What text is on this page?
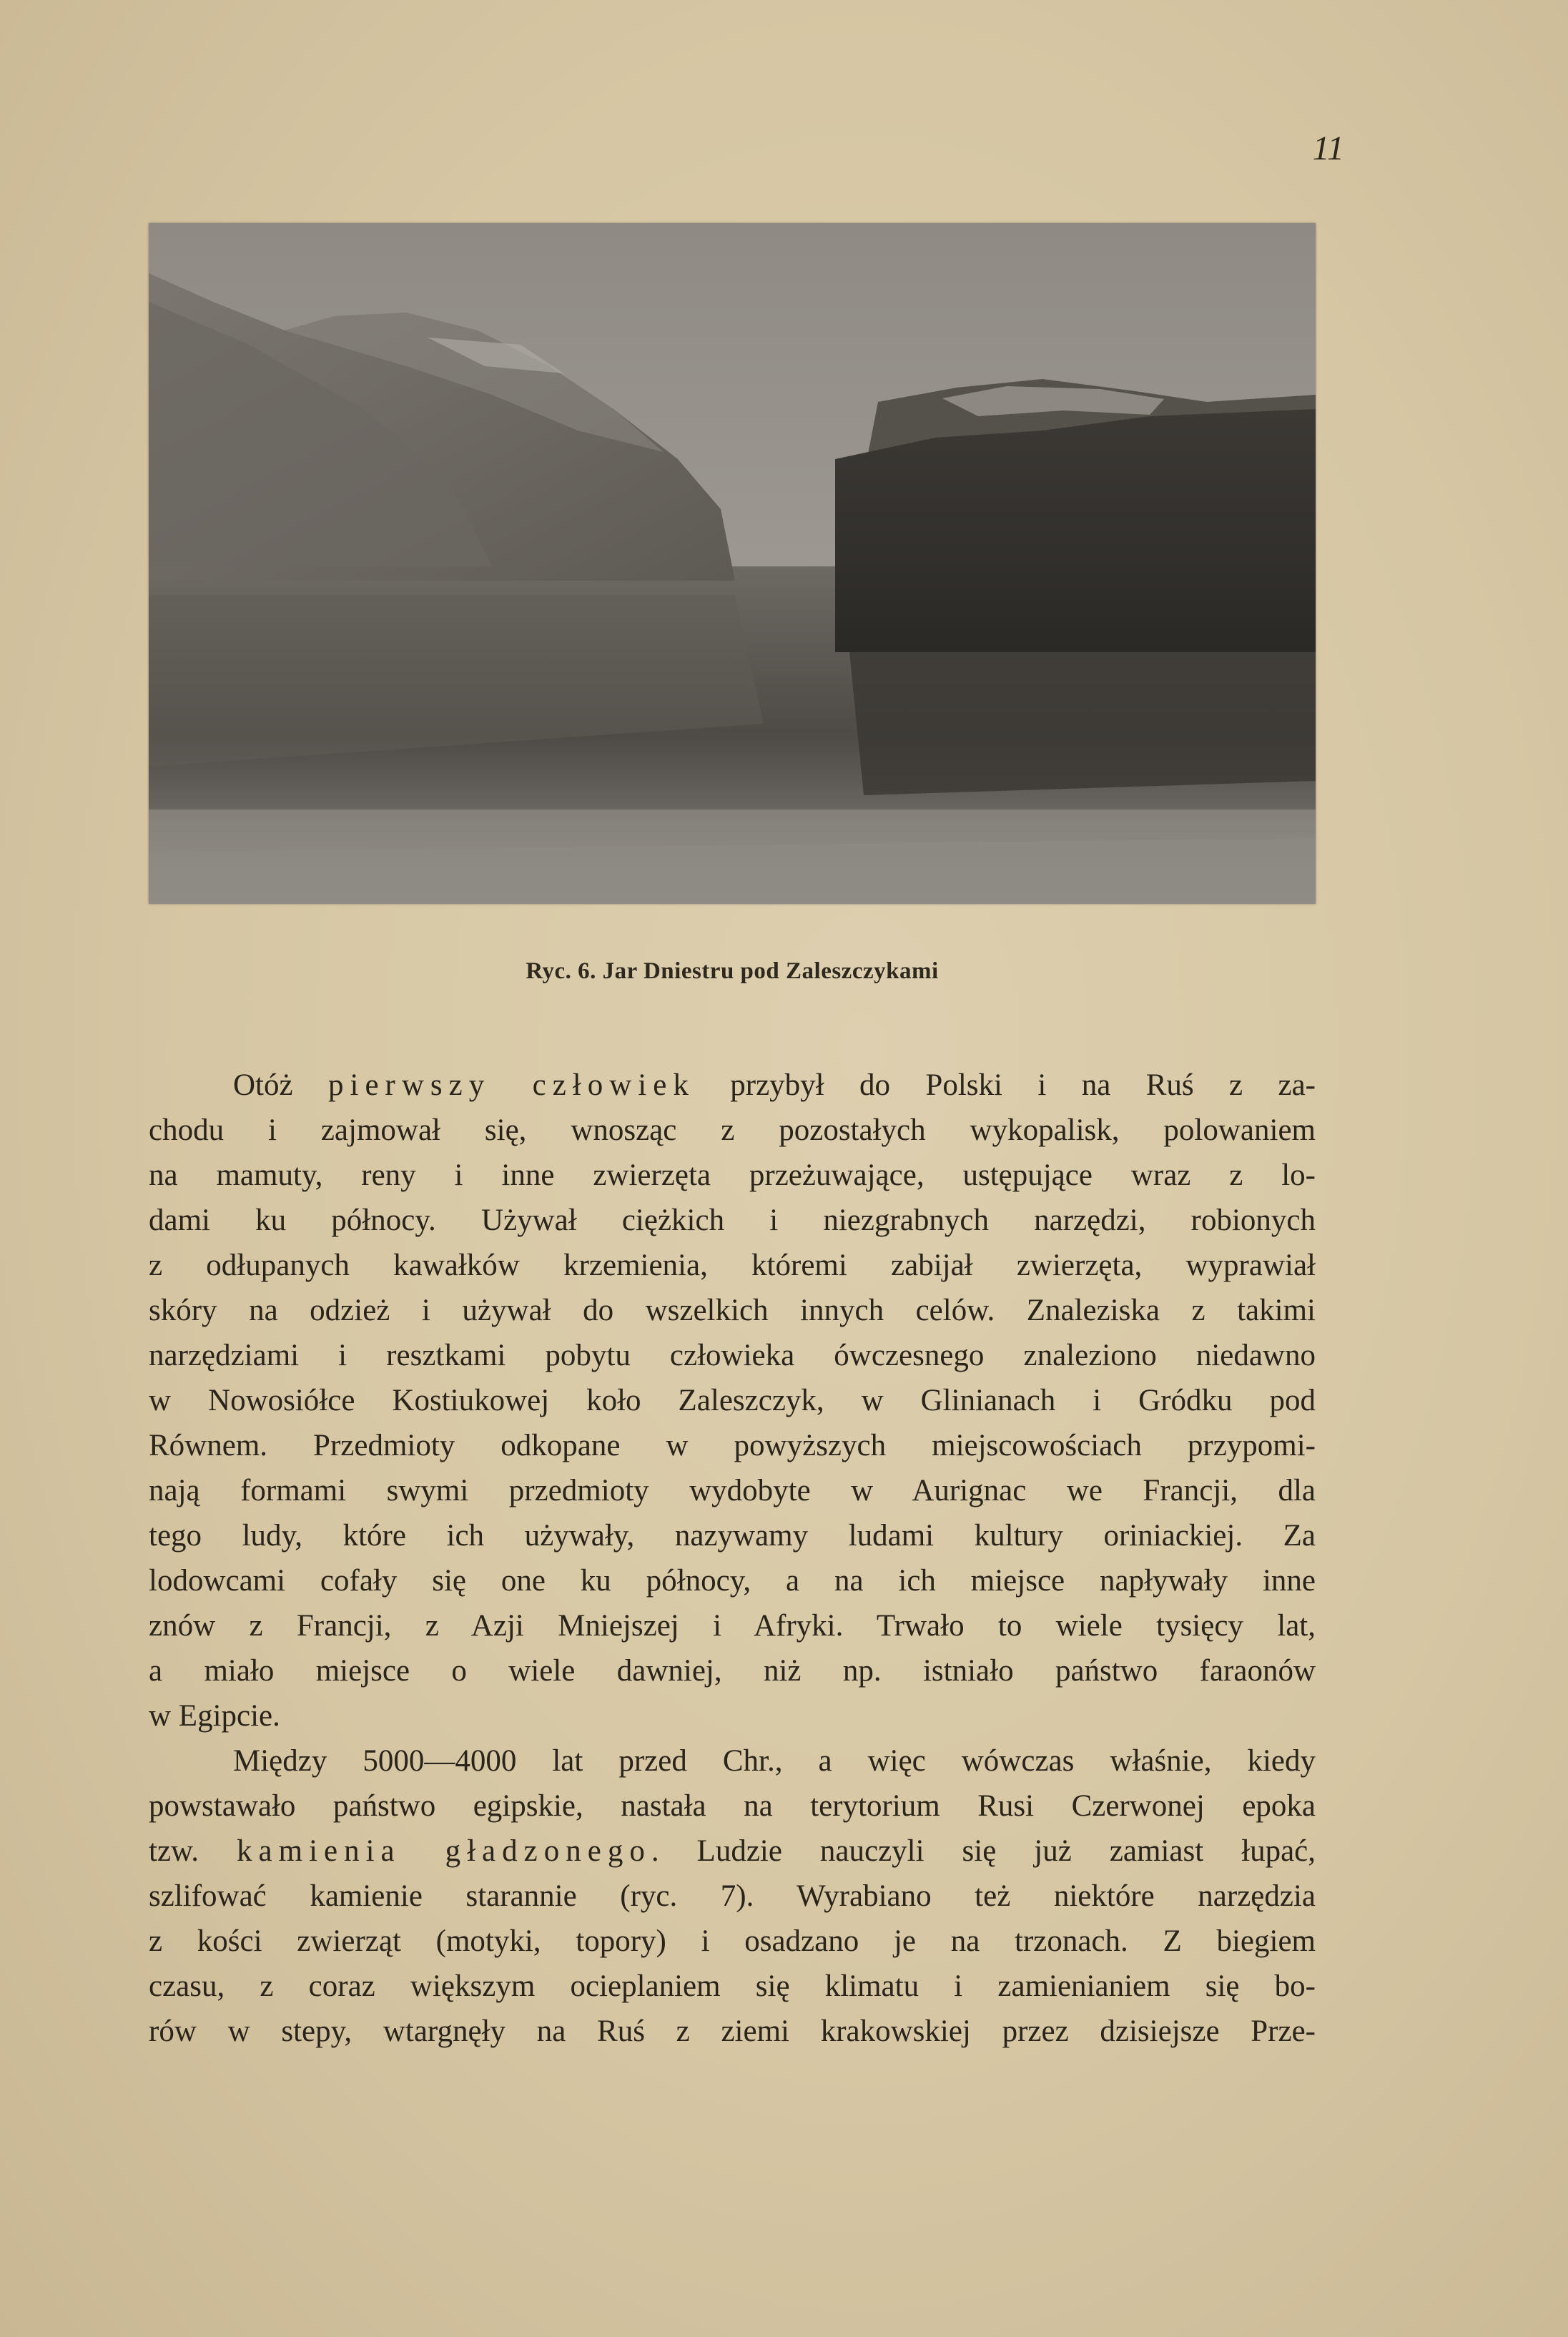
11
Ryc. 6. Jar Dniestru pod Zaleszczykami
Otóż pierwszy człowiek przybył do Polski i na Ruś z za-
chodu i zajmował się, wnosząc z pozostałych wykopalisk, polowaniem
na mamuty, reny i inne zwierzęta przeżuwające, ustępujące wraz z lo-
dami ku północy. Używał ciężkich i niezgrabnych narzędzi, robionych
z odłupanych kawałków krzemienia, któremi zabijał zwierzęta, wyprawiał
skóry na odzież i używał do wszelkich innych celów. Znaleziska z takimi
narzędziami i resztkami pobytu człowieka ówczesnego znaleziono niedawno
w Nowosiółce Kostiukowej koło Zaleszczyk, w Glinianach i Gródku pod
Równem. Przedmioty odkopane w powyższych miejscowościach przypomi-
nają formami swymi przedmioty wydobyte w Aurignac we Francji, dla
tego ludy, które ich używały, nazywamy ludami kultury oriniackiej. Za
lodowcami cofały się one ku północy, a na ich miejsce napływały inne
znów z Francji, z Azji Mniejszej i Afryki. Trwało to wiele tysięcy lat,
a miało miejsce o wiele dawniej, niż np. istniało państwo faraonów
w Egipcie.
Między 5000—4000 lat przed Chr., a więc wówczas właśnie, kiedy
powstawało państwo egipskie, nastała na terytorium Rusi Czerwonej epoka
tzw. kamienia gładzonego. Ludzie nauczyli się już zamiast łupać,
szlifować kamienie starannie (ryc. 7). Wyrabiano też niektóre narzędzia
z kości zwierząt (motyki, topory) i osadzano je na trzonach. Z biegiem
czasu, z coraz większym ocieplaniem się klimatu i zamienianiem się bo-
rów w stepy, wtargnęły na Ruś z ziemi krakowskiej przez dzisiejsze Prze-
